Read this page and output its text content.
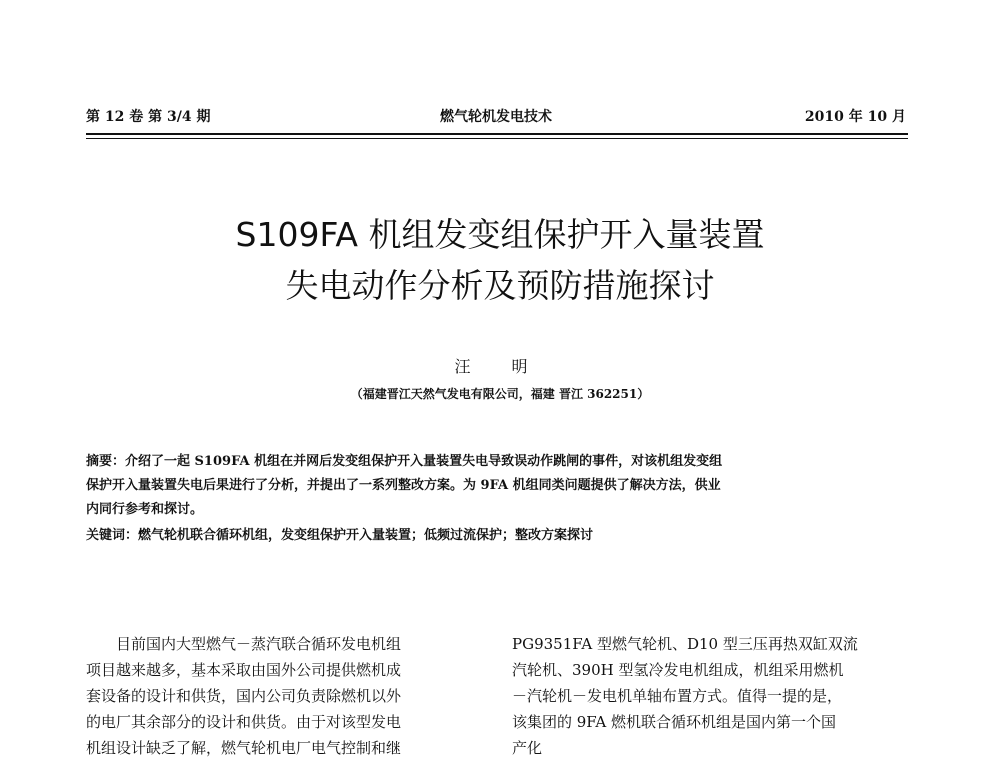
第 12 卷 第 3/4 期	燃气轮机发电技术	2010 年 10 月
S109FA 机组发变组保护开入量装置
失电动作分析及预防措施探讨
汪 明
（福建晋江天然气发电有限公司，福建 晋江 362251）
摘要：介绍了一起 S109FA 机组在并网后发变组保护开入量装置失电导致误动作跳闸的事件，对该机组发变组
保护开入量装置失电后果进行了分析，并提出了一系列整改方案。为 9FA 机组同类问题提供了解决方法，供业
内同行参考和探讨。
关键词：燃气轮机联合循环机组，发变组保护开入量装置；低频过流保护；整改方案探讨
　　目前国内大型燃气－蒸汽联合循环发电机组
项目越来越多，基本采取由国外公司提供燃机成
套设备的设计和供货，国内公司负责除燃机以外
的电厂其余部分的设计和供货。由于对该型发电
机组设计缺乏了解，燃气轮机电厂电气控制和继
PG9351FA 型燃气轮机、D10 型三压再热双缸双流
汽轮机、390H 型氢冷发电机组成，机组采用燃机
－汽轮机－发电机单轴布置方式。值得一提的是，
该集团的 9FA 燃机联合循环机组是国内第一个国
产化
